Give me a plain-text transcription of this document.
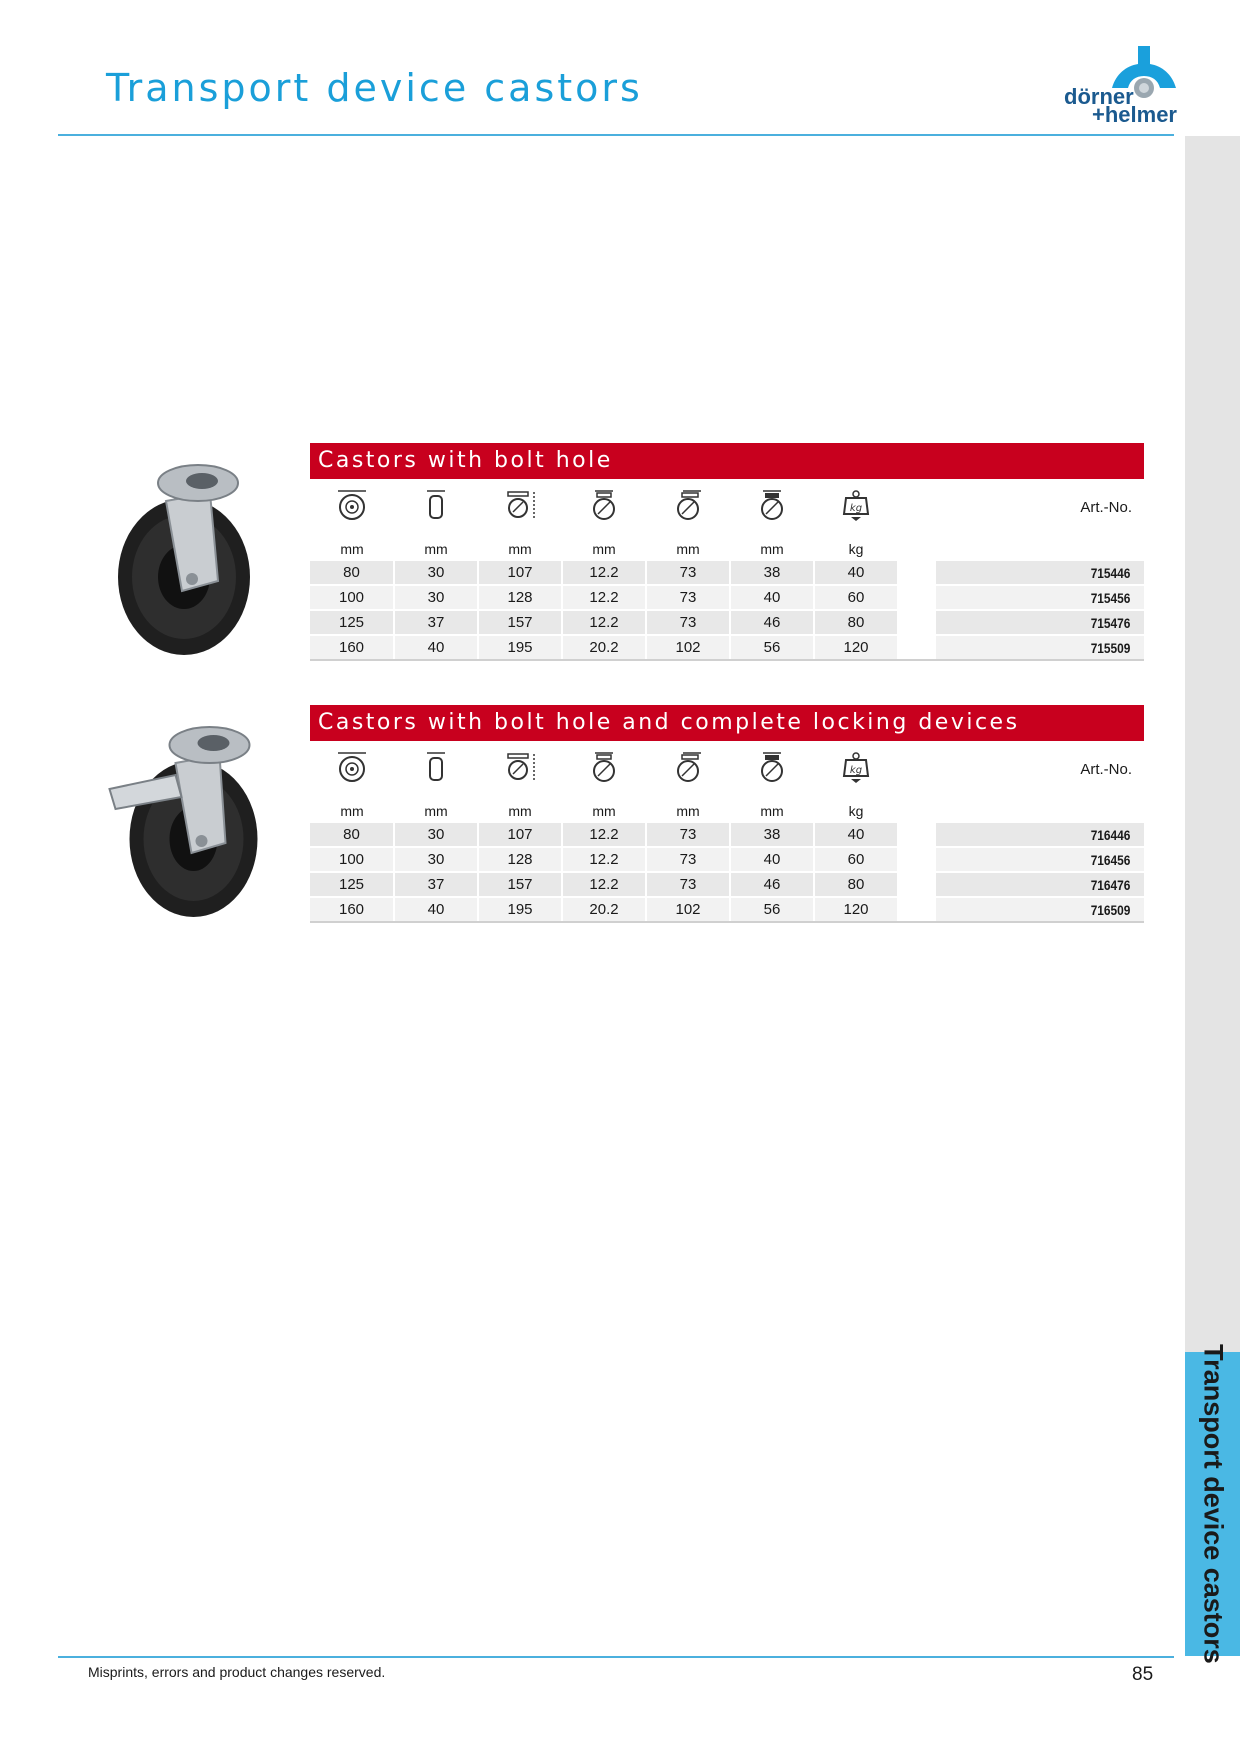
Transport device castors	dörner
+helmer
Transport device castors
Castors with bolt hole

kg	Art.-No.
mm	mm	mm	mm	mm	mm	kg	
80	30	107	12.2	73	38	40	715446
100	30	128	12.2	73	40	60	715456
125	37	157	12.2	73	46	80	715476
160	40	195	20.2	102	56	120	715509
Castors with bolt hole and complete locking devices

kg	Art.-No.
mm	mm	mm	mm	mm	mm	kg	
80	30	107	12.2	73	38	40	716446
100	30	128	12.2	73	40	60	716456
125	37	157	12.2	73	46	80	716476
160	40	195	20.2	102	56	120	716509
Misprints, errors and product changes reserved.	85
